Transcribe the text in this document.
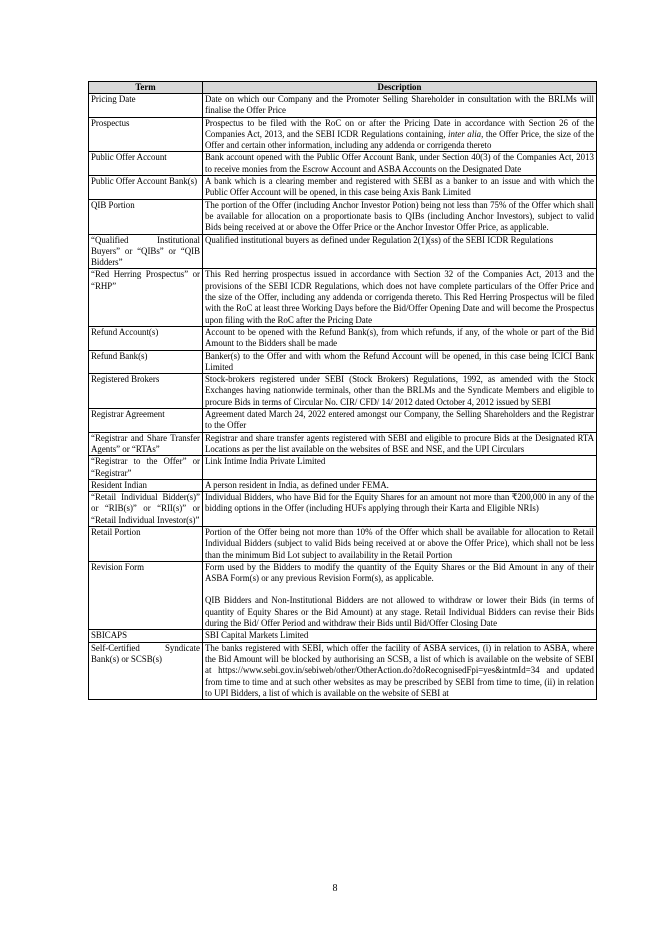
Term	Description
Pricing Date	Date on which our Company and the Promoter Selling Shareholder in consultation with the BRLMs will finalise the Offer Price

Prospectus	Prospectus to be filed with the RoC on or after the Pricing Date in accordance with Section 26 of the Companies Act, 2013, and the SEBI ICDR Regulations containing, inter alia, the Offer Price, the size of the Offer and certain other information, including any addenda or corrigenda thereto

Public Offer Account	Bank account opened with the Public Offer Account Bank, under Section 40(3) of the Companies Act, 2013 to receive monies from the Escrow Account and ASBA Accounts on the Designated Date

Public Offer Account Bank(s)	A bank which is a clearing member and registered with SEBI as a banker to an issue and with which the Public Offer Account will be opened, in this case being Axis Bank Limited

QIB Portion	The portion of the Offer (including Anchor Investor Potion) being not less than 75% of the Offer which shall be available for allocation on a proportionate basis to QIBs (including Anchor Investors), subject to valid Bids being received at or above the Offer Price or the Anchor Investor Offer Price, as applicable.

“Qualified Institutional Buyers” or “QIBs” or “QIB Bidders”	Qualified institutional buyers as defined under Regulation 2(1)(ss) of the SEBI ICDR Regulations

“Red Herring Prospectus” or “RHP”	This Red herring prospectus issued in accordance with Section 32 of the Companies Act, 2013 and the provisions of the SEBI ICDR Regulations, which does not have complete particulars of the Offer Price and the size of the Offer, including any addenda or corrigenda thereto. This Red Herring Prospectus will be filed with the RoC at least three Working Days before the Bid/Offer Opening Date and will become the Prospectus upon filing with the RoC after the Pricing Date

Refund Account(s)	Account to be opened with the Refund Bank(s), from which refunds, if any, of the whole or part of the Bid Amount to the Bidders shall be made

Refund Bank(s)	Banker(s) to the Offer and with whom the Refund Account will be opened, in this case being ICICI Bank Limited

Registered Brokers	Stock-brokers registered under SEBI (Stock Brokers) Regulations, 1992, as amended with the Stock Exchanges having nationwide terminals, other than the BRLMs and the Syndicate Members and eligible to procure Bids in terms of Circular No. CIR/ CFD/ 14/ 2012 dated October 4, 2012 issued by SEBI

Registrar Agreement	Agreement dated March 24, 2022 entered amongst our Company, the Selling Shareholders and the Registrar to the Offer

“Registrar and Share Transfer Agents” or “RTAs”	Registrar and share transfer agents registered with SEBI and eligible to procure Bids at the Designated RTA Locations as per the list available on the websites of BSE and NSE, and the UPI Circulars

“Registrar to the Offer” or “Registrar”	Link Intime India Private Limited

Resident Indian	A person resident in India, as defined under FEMA.

“Retail Individual Bidder(s)” or “RIB(s)” or “RII(s)” or “Retail Individual Investor(s)”	Individual Bidders, who have Bid for the Equity Shares for an amount not more than ₹200,000 in any of the bidding options in the Offer (including HUFs applying through their Karta and Eligible NRIs)

Retail Portion	Portion of the Offer being not more than 10% of the Offer which shall be available for allocation to Retail Individual Bidders (subject to valid Bids being received at or above the Offer Price), which shall not be less than the minimum Bid Lot subject to availability in the Retail Portion

Revision Form	Form used by the Bidders to modify the quantity of the Equity Shares or the Bid Amount in any of their ASBA Form(s) or any previous Revision Form(s), as applicable.

QIB Bidders and Non-Institutional Bidders are not allowed to withdraw or lower their Bids (in terms of quantity of Equity Shares or the Bid Amount) at any stage. Retail Individual Bidders can revise their Bids during the Bid/ Offer Period and withdraw their Bids until Bid/Offer Closing Date

SBICAPS	SBI Capital Markets Limited

Self-Certified Syndicate Bank(s) or SCSB(s)	The banks registered with SEBI, which offer the facility of ASBA services, (i) in relation to ASBA, where the Bid Amount will be blocked by authorising an SCSB, a list of which is available on the website of SEBI at https://www.sebi.gov.in/sebiweb/other/OtherAction.do?doRecognisedFpi=yes&intmId=34 and updated from time to time and at such other websites as may be prescribed by SEBI from time to time, (ii) in relation to UPI Bidders, a list of which is available on the website of SEBI at

8
